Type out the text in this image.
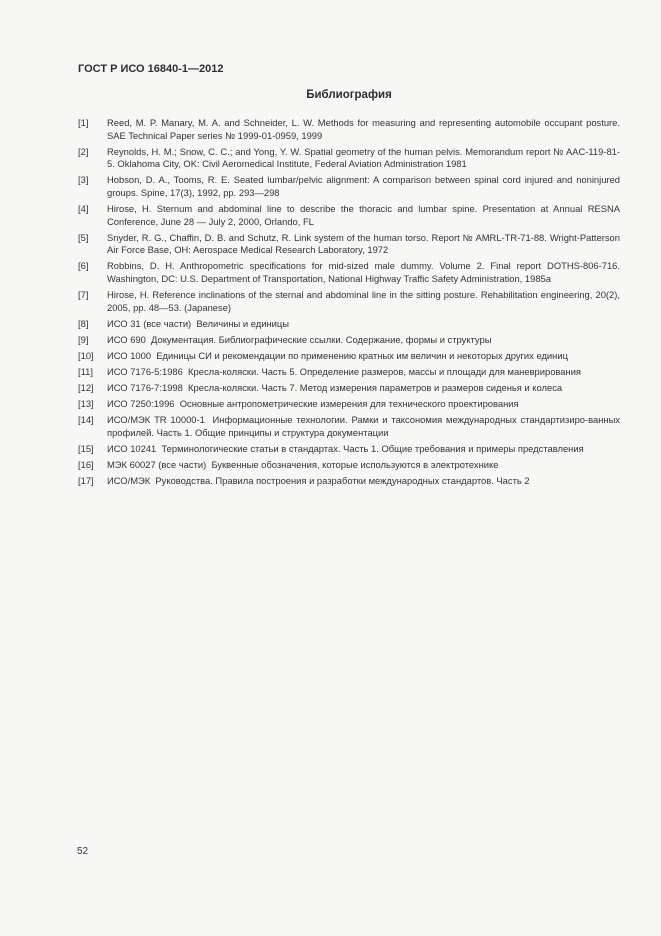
ГОСТ Р ИСО 16840-1—2012
Библиография
[1]	Reed, M. P. Manary, M. A. and Schneider, L. W. Methods for measuring and representing automobile occupant posture. SAE Technical Paper series № 1999-01-0959, 1999
[2]	Reynolds, H. M.; Snow, C. C.; and Yong, Y. W. Spatial geometry of the human pelvis. Memorandum report № AAC-119-81-5. Oklahoma City, OK: Civil Aeromedical Institute, Federal Aviation Administration 1981
[3]	Hobson, D. A., Tooms, R. E. Seated lumbar/pelvic alignment: A comparison between spinal cord injured and noninjured groups. Spine, 17(3), 1992, pp. 293—298
[4]	Hirose, H. Sternum and abdominal line to describe the thoracic and lumbar spine. Presentation at Annual RESNA Conference, June 28 — July 2, 2000, Orlando, FL
[5]	Snyder, R. G., Chaffin, D. B. and Schutz, R. Link system of the human torso. Report № AMRL-TR-71-88. Wright-Patterson Air Force Base, OH: Aerospace Medical Research Laboratory, 1972
[6]	Robbins, D. H. Anthropometric specifications for mid-sized male dummy. Volume 2. Final report DOTHS-806-716. Washington, DC: U.S. Department of Transportation, National Highway Traffic Safety Administration, 1985a
[7]	Hirose, H. Reference inclinations of the sternal and abdominal line in the sitting posture. Rehabilitation engineering, 20(2), 2005, pp. 48—53. (Japanese)
[8]	ИСО 31 (все части)  Величины и единицы
[9]	ИСО 690  Документация. Библиографические ссылки. Содержание, формы и структуры
[10]	ИСО 1000  Единицы СИ и рекомендации по применению кратных им величин и некоторых других единиц
[11]	ИСО 7176-5:1986  Кресла-коляски. Часть 5. Определение размеров, массы и площади для маневрирования
[12]	ИСО 7176-7:1998  Кресла-коляски. Часть 7. Метод измерения параметров и размеров сиденья и колеса
[13]	ИСО 7250:1996  Основные антропометрические измерения для технического проектирования
[14]	ИСО/МЭК TR 10000-1  Информационные технологии. Рамки и таксономия международных стандартизиро-ванных профилей. Часть 1. Общие принципы и структура документации
[15]	ИСО 10241  Терминологические статьи в стандартах. Часть 1. Общие требования и примеры представления
[16]	МЭК 60027 (все части)  Буквенные обозначения, которые используются в электротехнике
[17]	ИСО/МЭК  Руководства. Правила построения и разработки международных стандартов. Часть 2
52
